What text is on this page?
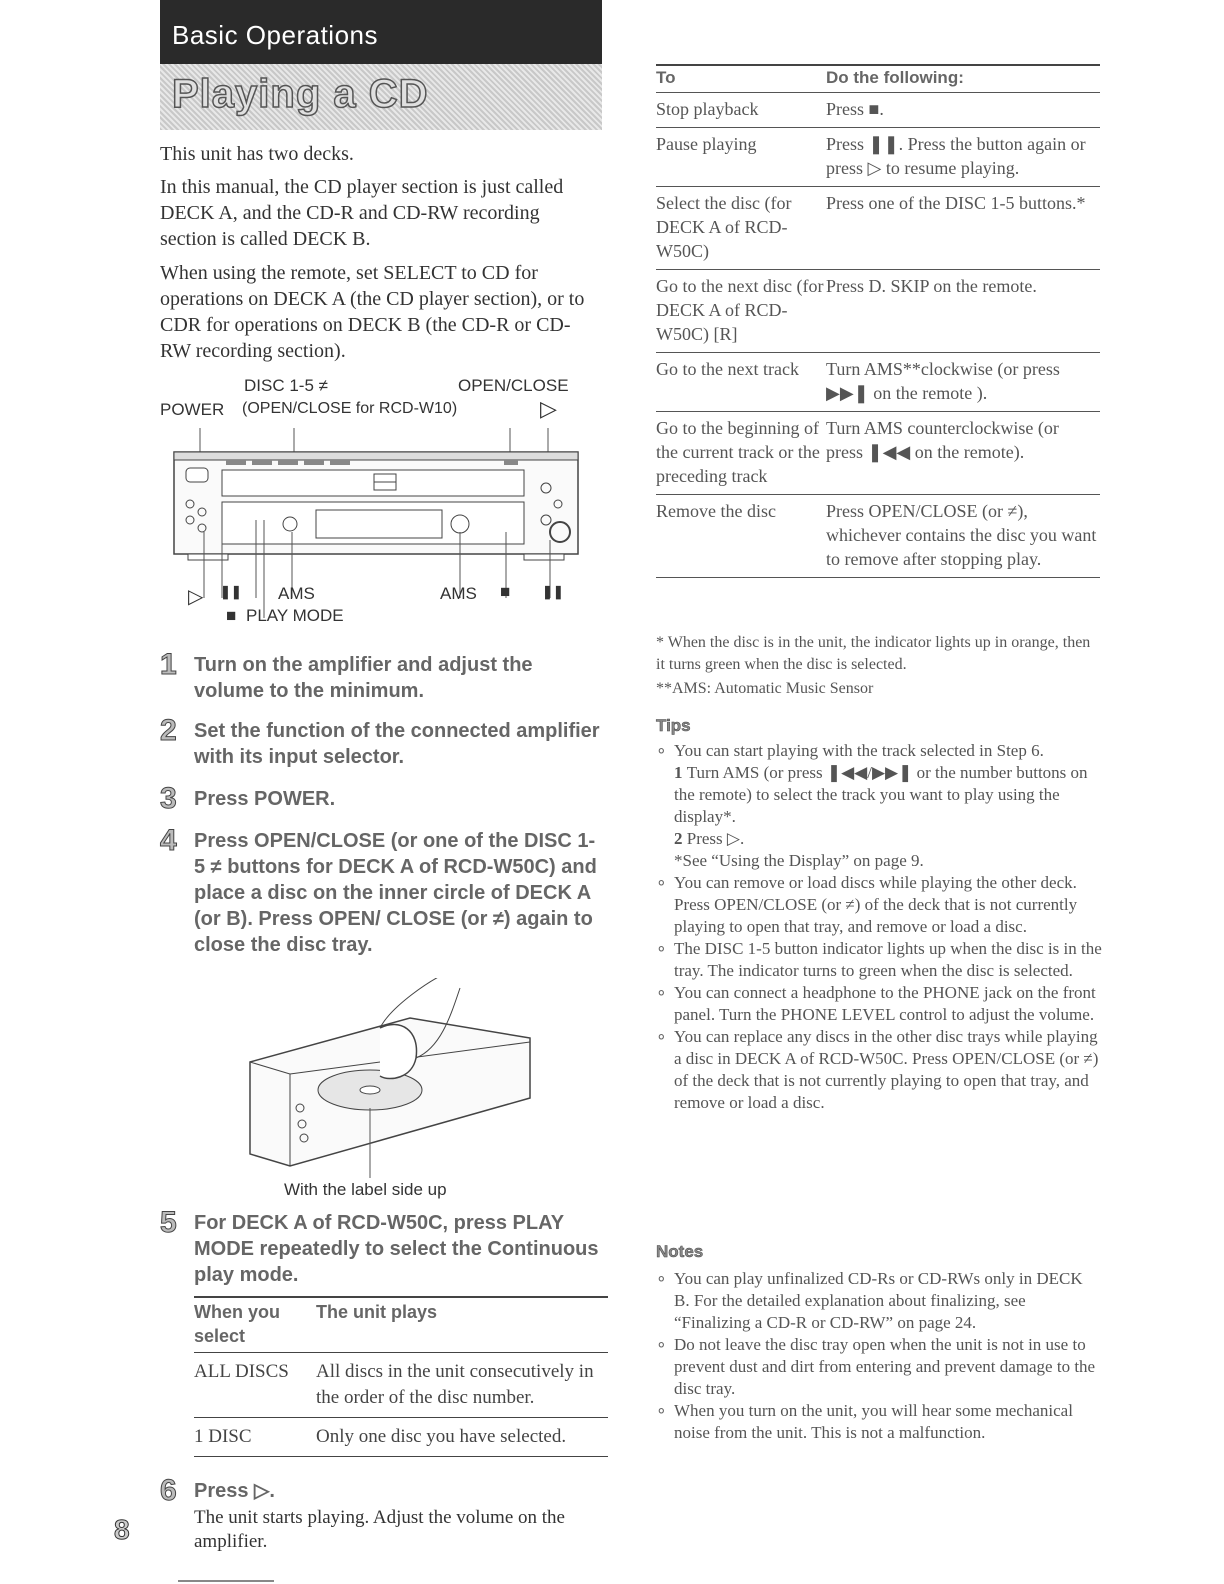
Basic Operations
Playing a CD

This unit has two decks.

In this manual, the CD player section is just called DECK A, and the CD-R and CD-RW recording section is called DECK B.

When using the remote, set SELECT to CD for operations on DECK A (the CD player section), or to CDR for operations on DECK B (the CD-R or CD-RW recording section).

DISC 1-5 ≠	OPEN/CLOSE
POWER (OPEN/CLOSE for RCD-W10)	▷
▷ ❚❚ AMS	AMS ■ ❚❚
■ PLAY MODE
1 Turn on the amplifier and adjust the volume to the minimum.
2 Set the function of the connected amplifier with its input selector.
3 Press POWER.
4 Press OPEN/CLOSE (or one of the DISC 1-5 ≠ buttons for DECK A of RCD-W50C) and place a disc on the inner circle of DECK A (or B). Press OPEN/ CLOSE (or ≠) again to close the disc tray.
With the label side up
5 For DECK A of RCD-W50C, press PLAY MODE repeatedly to select the Continuous play mode.
When you select	The unit plays
ALL DISCS	All discs in the unit consecutively in the order of the disc number.
1 DISC	Only one disc you have selected.
6 Press ▷.

The unit starts playing. Adjust the volume on the amplifier.

8
To	Do the following:
Stop playback	Press ■.
Pause playing	Press ❚❚. Press the button again or press ▷ to resume playing.
Select the disc (for DECK A of RCD-W50C)	Press one of the DISC 1-5 buttons.*
Go to the next disc (for DECK A of RCD-W50C) [R]	Press D. SKIP on the remote.
Go to the next track	Turn AMS**clockwise (or press ▶▶❚ on the remote ).
Go to the beginning of the current track or the preceding track	Turn AMS counterclockwise (or press ❚◀◀ on the remote).
Remove the disc	Press OPEN/CLOSE (or ≠), whichever contains the disc you want to remove after stopping play.

* When the disc is in the unit, the indicator lights up in orange, then it turns green when the disc is selected.

**AMS: Automatic Music Sensor

Tips
∘ You can start playing with the track selected in Step 6.
1 Turn AMS (or press ❚◀◀/▶▶❚ or the number buttons on the remote) to select the track you want to play using the display*.
2 Press ▷.
*See “Using the Display” on page 9.
∘ You can remove or load discs while playing the other deck. Press OPEN/CLOSE (or ≠) of the deck that is not currently playing to open that tray, and remove or load a disc.
∘ The DISC 1-5 button indicator lights up when the disc is in the tray. The indicator turns to green when the disc is selected.
∘ You can connect a headphone to the PHONE jack on the front panel. Turn the PHONE LEVEL control to adjust the volume.
∘ You can replace any discs in the other disc trays while playing a disc in DECK A of RCD-W50C. Press OPEN/CLOSE (or ≠) of the deck that is not currently playing to open that tray, and remove or load a disc.
Notes
∘ You can play unfinalized CD-Rs or CD-RWs only in DECK B. For the detailed explanation about finalizing, see “Finalizing a CD-R or CD-RW” on page 24.
∘ Do not leave the disc tray open when the unit is not in use to prevent dust and dirt from entering and prevent damage to the disc tray.
∘ When you turn on the unit, you will hear some mechanical noise from the unit. This is not a malfunction.
